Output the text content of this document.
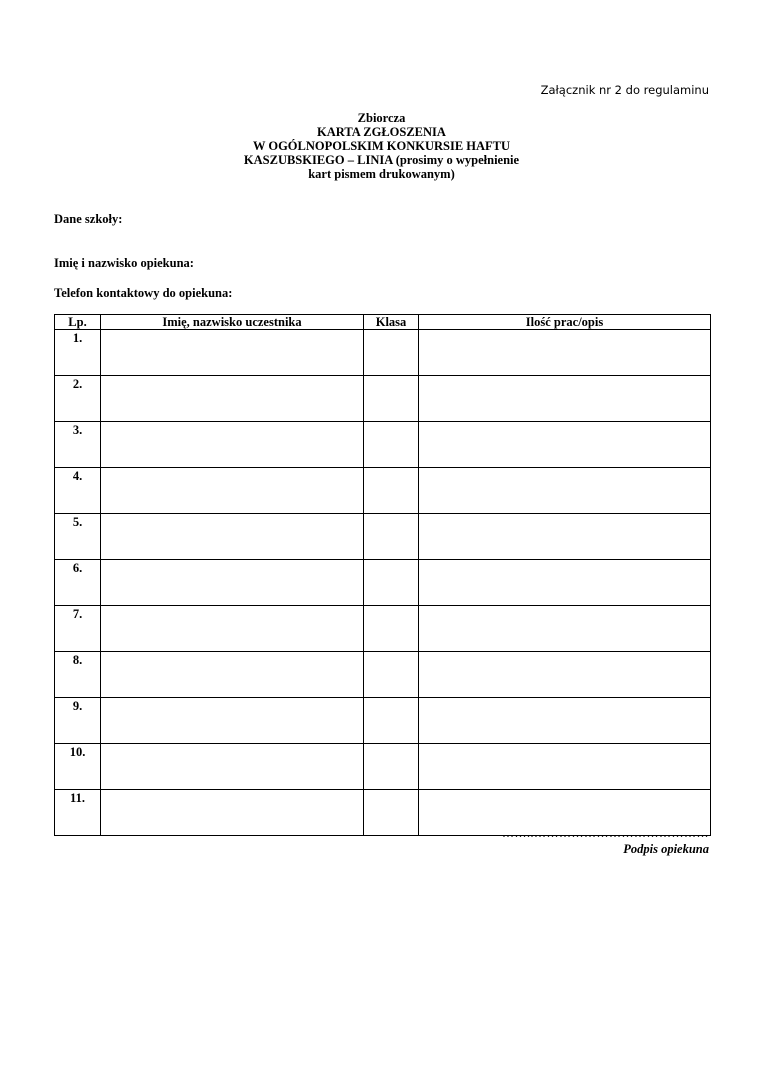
Załącznik nr 2 do regulaminu
Zbiorcza
KARTA ZGŁOSZENIA
W OGÓLNOPOLSKIM KONKURSIE HAFTU
KASZUBSKIEGO – LINIA (prosimy o wypełnienie
kart pismem drukowanym)
Dane szkoły:
Imię i nazwisko opiekuna:
Telefon kontaktowy do opiekuna:
Lp.	Imię, nazwisko uczestnika	Klasa	Ilość prac/opis
1.			
2.			
3.			
4.			
5.			
6.			
7.			
8.			
9.			
10.			
11.			
……..……………………………………
Podpis opiekuna
